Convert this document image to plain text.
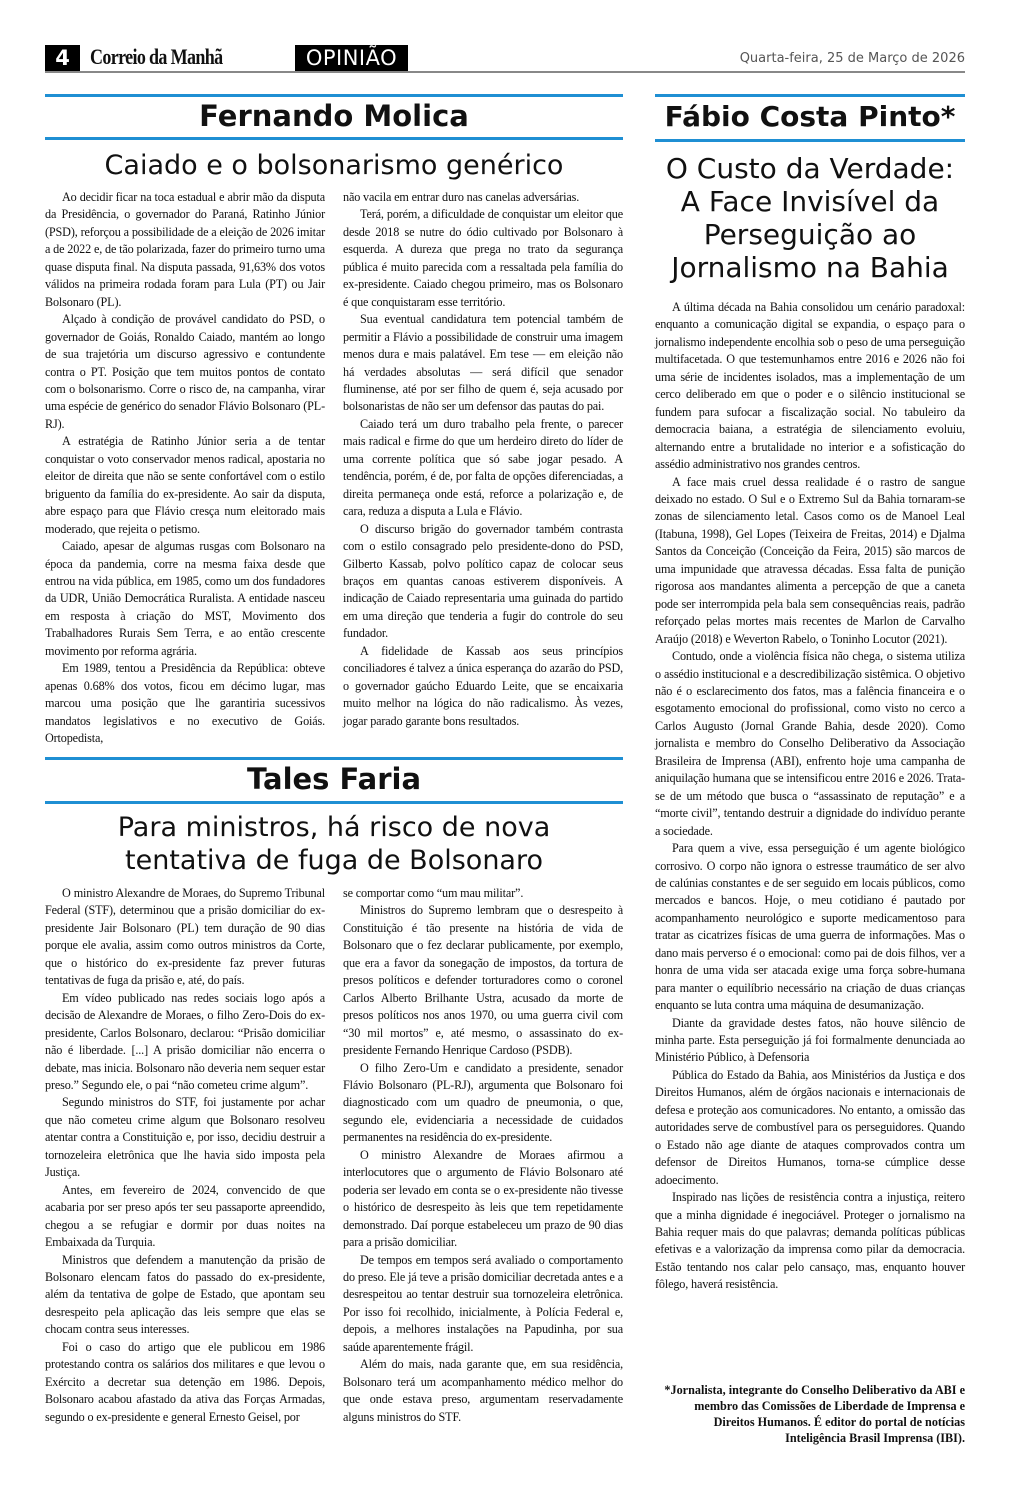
4 Correio da Manhã	OPINIÃO	Quarta-feira, 25 de Março de 2026
Fernando Molica
Caiado e o bolsonarismo genérico

Ao decidir ficar na toca estadual e abrir mão da disputa da Presidência, o governador do Paraná, Ratinho Júnior (PSD), reforçou a possibilidade de a eleição de 2026 imitar a de 2022 e, de tão polarizada, fazer do primeiro turno uma quase disputa final. Na disputa passada, 91,63% dos votos válidos na primeira rodada foram para Lula (PT) ou Jair Bolsonaro (PL).

Alçado à condição de provável candidato do PSD, o governador de Goiás, Ronaldo Caiado, mantém ao longo de sua trajetória um discurso agressivo e contundente contra o PT. Posição que tem muitos pontos de contato com o bolsonarismo. Corre o risco de, na campanha, virar uma espécie de genérico do senador Flávio Bolsonaro (PL-RJ).

A estratégia de Ratinho Júnior seria a de tentar conquistar o voto conservador menos radical, apostaria no eleitor de direita que não se sente confortável com o estilo briguento da família do ex-presidente. Ao sair da disputa, abre espaço para que Flávio cresça num eleitorado mais moderado, que rejeita o petismo.

Caiado, apesar de algumas rusgas com Bolsonaro na época da pandemia, corre na mesma faixa desde que entrou na vida pública, em 1985, como um dos fundadores da UDR, União Democrática Ruralista. A entidade nasceu em resposta à criação do MST, Movimento dos Trabalhadores Rurais Sem Terra, e ao então crescente movimento por reforma agrária.

Em 1989, tentou a Presidência da República: obteve apenas 0.68% dos votos, ficou em décimo lugar, mas marcou uma posição que lhe garantiria sucessivos mandatos legislativos e no executivo de Goiás. Ortopedista,

não vacila em entrar duro nas canelas adversárias.

Terá, porém, a dificuldade de conquistar um eleitor que desde 2018 se nutre do ódio cultivado por Bolsonaro à esquerda. A dureza que prega no trato da segurança pública é muito parecida com a ressaltada pela família do ex-presidente. Caiado chegou primeiro, mas os Bolsonaro é que conquistaram esse território.

Sua eventual candidatura tem potencial também de permitir a Flávio a possibilidade de construir uma imagem menos dura e mais palatável. Em tese — em eleição não há verdades absolutas — será difícil que senador fluminense, até por ser filho de quem é, seja acusado por bolsonaristas de não ser um defensor das pautas do pai.

Caiado terá um duro trabalho pela frente, o parecer mais radical e firme do que um herdeiro direto do líder de uma corrente política que só sabe jogar pesado. A tendência, porém, é de, por falta de opções diferenciadas, a direita permaneça onde está, reforce a polarização e, de cara, reduza a disputa a Lula e Flávio.

O discurso brigão do governador também contrasta com o estilo consagrado pelo presidente-dono do PSD, Gilberto Kassab, polvo político capaz de colocar seus braços em quantas canoas estiverem disponíveis. A indicação de Caiado representaria uma guinada do partido em uma direção que tenderia a fugir do controle do seu fundador.

A fidelidade de Kassab aos seus princípios conciliadores é talvez a única esperança do azarão do PSD, o governador gaúcho Eduardo Leite, que se encaixaria muito melhor na lógica do não radicalismo. Às vezes, jogar parado garante bons resultados.

Tales Faria
Para ministros, há risco de nova
tentativa de fuga de Bolsonaro

O ministro Alexandre de Moraes, do Supremo Tribunal Federal (STF), determinou que a prisão domiciliar do ex-presidente Jair Bolsonaro (PL) tem duração de 90 dias porque ele avalia, assim como outros ministros da Corte, que o histórico do ex-presidente faz prever futuras tentativas de fuga da prisão e, até, do país.

Em vídeo publicado nas redes sociais logo após a decisão de Alexandre de Moraes, o filho Zero-Dois do ex-presidente, Carlos Bolsonaro, declarou: “Prisão domiciliar não é liberdade. [...] A prisão domiciliar não encerra o debate, mas inicia. Bolsonaro não deveria nem sequer estar preso.” Segundo ele, o pai “não cometeu crime algum”.

Segundo ministros do STF, foi justamente por achar que não cometeu crime algum que Bolsonaro resolveu atentar contra a Constituição e, por isso, decidiu destruir a tornozeleira eletrônica que lhe havia sido imposta pela Justiça.

Antes, em fevereiro de 2024, convencido de que acabaria por ser preso após ter seu passaporte apreendido, chegou a se refugiar e dormir por duas noites na Embaixada da Turquia.

Ministros que defendem a manutenção da prisão de Bolsonaro elencam fatos do passado do ex-presidente, além da tentativa de golpe de Estado, que apontam seu desrespeito pela aplicação das leis sempre que elas se chocam contra seus interesses.

Foi o caso do artigo que ele publicou em 1986 protestando contra os salários dos militares e que levou o Exército a decretar sua detenção em 1986. Depois, Bolsonaro acabou afastado da ativa das Forças Armadas, segundo o ex-presidente e general Ernesto Geisel, por

se comportar como “um mau militar”.

Ministros do Supremo lembram que o desrespeito à Constituição é tão presente na história de vida de Bolsonaro que o fez declarar publicamente, por exemplo, que era a favor da sonegação de impostos, da tortura de presos políticos e defender torturadores como o coronel Carlos Alberto Brilhante Ustra, acusado da morte de presos políticos nos anos 1970, ou uma guerra civil com “30 mil mortos” e, até mesmo, o assassinato do ex-presidente Fernando Henrique Cardoso (PSDB).

O filho Zero-Um e candidato a presidente, senador Flávio Bolsonaro (PL-RJ), argumenta que Bolsonaro foi diagnosticado com um quadro de pneumonia, o que, segundo ele, evidenciaria a necessidade de cuidados permanentes na residência do ex-presidente.

O ministro Alexandre de Moraes afirmou a interlocutores que o argumento de Flávio Bolsonaro até poderia ser levado em conta se o ex-presidente não tivesse o histórico de desrespeito às leis que tem repetidamente demonstrado. Daí porque estabeleceu um prazo de 90 dias para a prisão domiciliar.

De tempos em tempos será avaliado o comportamento do preso. Ele já teve a prisão domiciliar decretada antes e a desrespeitou ao tentar destruir sua tornozeleira eletrônica. Por isso foi recolhido, inicialmente, à Polícia Federal e, depois, a melhores instalações na Papudinha, por sua saúde aparentemente frágil.

Além do mais, nada garante que, em sua residência, Bolsonaro terá um acompanhamento médico melhor do que onde estava preso, argumentam reservadamente alguns ministros do STF.

Fábio Costa Pinto*
O Custo da Verdade:
A Face Invisível da
Perseguição ao
Jornalismo na Bahia

A última década na Bahia consolidou um cenário paradoxal: enquanto a comunicação digital se expandia, o espaço para o jornalismo independente encolhia sob o peso de uma perseguição multifacetada. O que testemunhamos entre 2016 e 2026 não foi uma série de incidentes isolados, mas a implementação de um cerco deliberado em que o poder e o silêncio institucional se fundem para sufocar a fiscalização social. No tabuleiro da democracia baiana, a estratégia de silenciamento evoluiu, alternando entre a brutalidade no interior e a sofisticação do assédio administrativo nos grandes centros.

A face mais cruel dessa realidade é o rastro de sangue deixado no estado. O Sul e o Extremo Sul da Bahia tornaram-se zonas de silenciamento letal. Casos como os de Manoel Leal (Itabuna, 1998), Gel Lopes (Teixeira de Freitas, 2014) e Djalma Santos da Conceição (Conceição da Feira, 2015) são marcos de uma impunidade que atravessa décadas. Essa falta de punição rigorosa aos mandantes alimenta a percepção de que a caneta pode ser interrompida pela bala sem consequências reais, padrão reforçado pelas mortes mais recentes de Marlon de Carvalho Araújo (2018) e Weverton Rabelo, o Toninho Locutor (2021).

Contudo, onde a violência física não chega, o sistema utiliza o assédio institucional e a descredibilização sistêmica. O objetivo não é o esclarecimento dos fatos, mas a falência financeira e o esgotamento emocional do profissional, como visto no cerco a Carlos Augusto (Jornal Grande Bahia, desde 2020). Como jornalista e membro do Conselho Deliberativo da Associação Brasileira de Imprensa (ABI), enfrento hoje uma campanha de aniquilação humana que se intensificou entre 2016 e 2026. Trata-se de um método que busca o “assassinato de reputação” e a “morte civil”, tentando destruir a dignidade do indivíduo perante a sociedade.

Para quem a vive, essa perseguição é um agente biológico corrosivo. O corpo não ignora o estresse traumático de ser alvo de calúnias constantes e de ser seguido em locais públicos, como mercados e bancos. Hoje, o meu cotidiano é pautado por acompanhamento neurológico e suporte medicamentoso para tratar as cicatrizes físicas de uma guerra de informações. Mas o dano mais perverso é o emocional: como pai de dois filhos, ver a honra de uma vida ser atacada exige uma força sobre-humana para manter o equilíbrio necessário na criação de duas crianças enquanto se luta contra uma máquina de desumanização.

Diante da gravidade destes fatos, não houve silêncio de minha parte. Esta perseguição já foi formalmente denunciada ao Ministério Público, à Defensoria

Pública do Estado da Bahia, aos Ministérios da Justiça e dos Direitos Humanos, além de órgãos nacionais e internacionais de defesa e proteção aos comunicadores. No entanto, a omissão das autoridades serve de combustível para os perseguidores. Quando o Estado não age diante de ataques comprovados contra um defensor de Direitos Humanos, torna-se cúmplice desse adoecimento.

Inspirado nas lições de resistência contra a injustiça, reitero que a minha dignidade é inegociável. Proteger o jornalismo na Bahia requer mais do que palavras; demanda políticas públicas efetivas e a valorização da imprensa como pilar da democracia. Estão tentando nos calar pelo cansaço, mas, enquanto houver fôlego, haverá resistência.

*Jornalista, integrante do Conselho Deliberativo da ABI e membro das Comissões de Liberdade de Imprensa e Direitos Humanos. É editor do portal de notícias Inteligência Brasil Imprensa (IBI).
